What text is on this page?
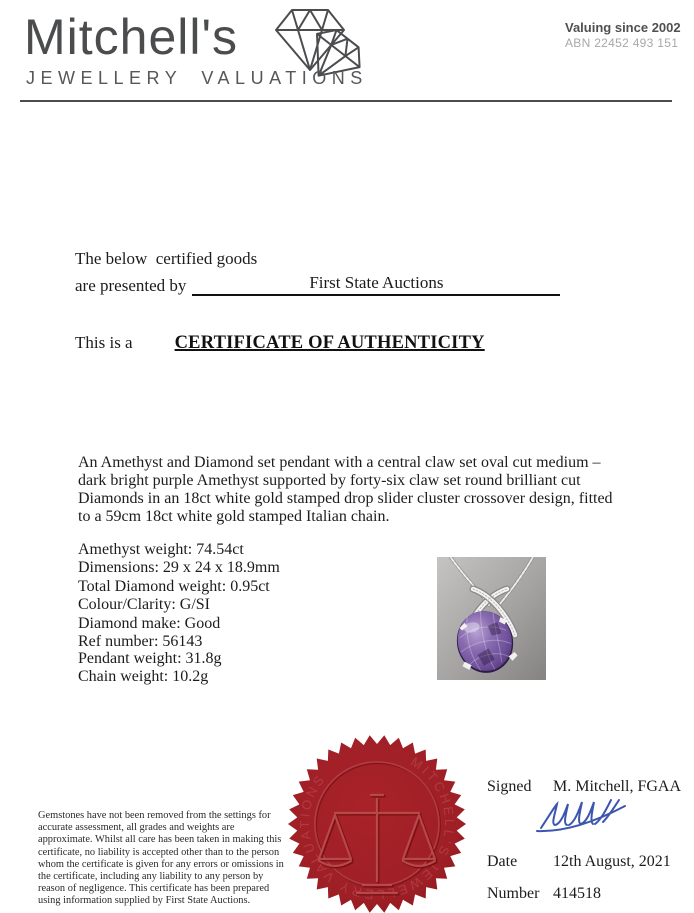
Mitchell's
JEWELLERY VALUATIONS
Valuing since 2002
ABN 22452 493 151
The below  certified goods
are presented by	First State Auctions
This is a CERTIFICATE OF AUTHENTICITY
An Amethyst and Diamond set pendant with a central claw set oval cut medium –dark bright purple Amethyst supported by forty-six claw set round brilliant cut Diamonds in an 18ct white gold stamped drop slider cluster crossover design, fitted to a 59cm 18ct white gold stamped Italian chain.
Amethyst weight: 74.54ct
Dimensions: 29 x 24 x 18.9mm
Total Diamond weight: 0.95ct
Colour/Clarity: G/SI
Diamond make: Good
Ref number: 56143
Pendant weight: 31.8g
Chain weight: 10.2g
Gemstones have not been removed from the settings for accurate assessment, all grades and weights are approximate. Whilst all care has been taken in making this certificate, no liability is accepted other than to the person whom the certificate is given for any errors or omissions in the certificate, including any liability to any person by reason of negligence. This certificate has been prepared using information supplied by First State Auctions.
MITCHELL'S JEWELLERY VALUATIONS	Signed	M. Mitchell, FGAA
Date	12th August, 2021
Number 414518
